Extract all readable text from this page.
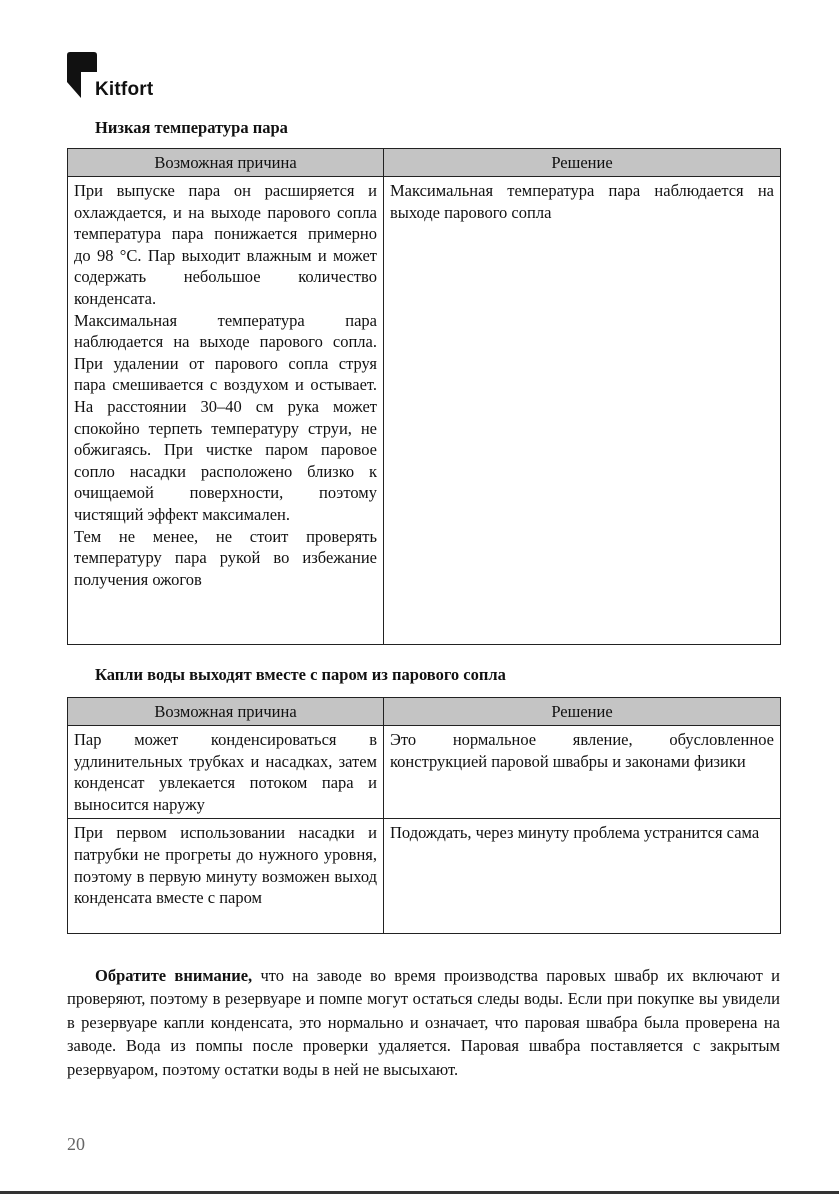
Kitfort
Низкая температура пара
Возможная причина	Решение

При выпуске пара он расширяется и охлаждается, и на выходе парового сопла температура пара понижается примерно до 98 °С. Пар выходит влажным и может содержать небольшое количество конденсата.
Максимальная температура пара наблюдается на выходе парового сопла. При удалении от парового сопла струя пара смешивается с воздухом и остывает. На расстоянии 30–40 см рука может спокойно терпеть температуру струи, не обжигаясь. При чистке паром паровое сопло насадки расположено близко к очищаемой поверхности, поэтому чистящий эффект максимален.
Тем не менее, не стоит проверять температуру пара рукой во избежание получения ожогов	Максимальная температура пара наблюдается на выходе парового сопла
Капли воды выходят вместе с паром из парового сопла
Возможная причина	Решение
Пар может конденсироваться в удлинительных трубках и насадках, затем конденсат увлекается потоком пара и выносится наружу	Это нормальное явление, обусловленное конструкцией паровой швабры и законами физики
При первом использовании насадки и патрубки не прогреты до нужного уровня, поэтому в первую минуту возможен выход конденсата вместе с паром	Подождать, через минуту проблема устранится сама

Обратите внимание, что на заводе во время производства паровых швабр их включают и проверяют, поэтому в резервуаре и помпе могут остаться следы воды. Если при покупке вы увидели в резервуаре капли конденсата, это нормально и означает, что паровая швабра была проверена на заводе. Вода из помпы после проверки удаляется. Паровая швабра поставляется с закрытым резервуаром, поэтому остатки воды в ней не высыхают.

20
